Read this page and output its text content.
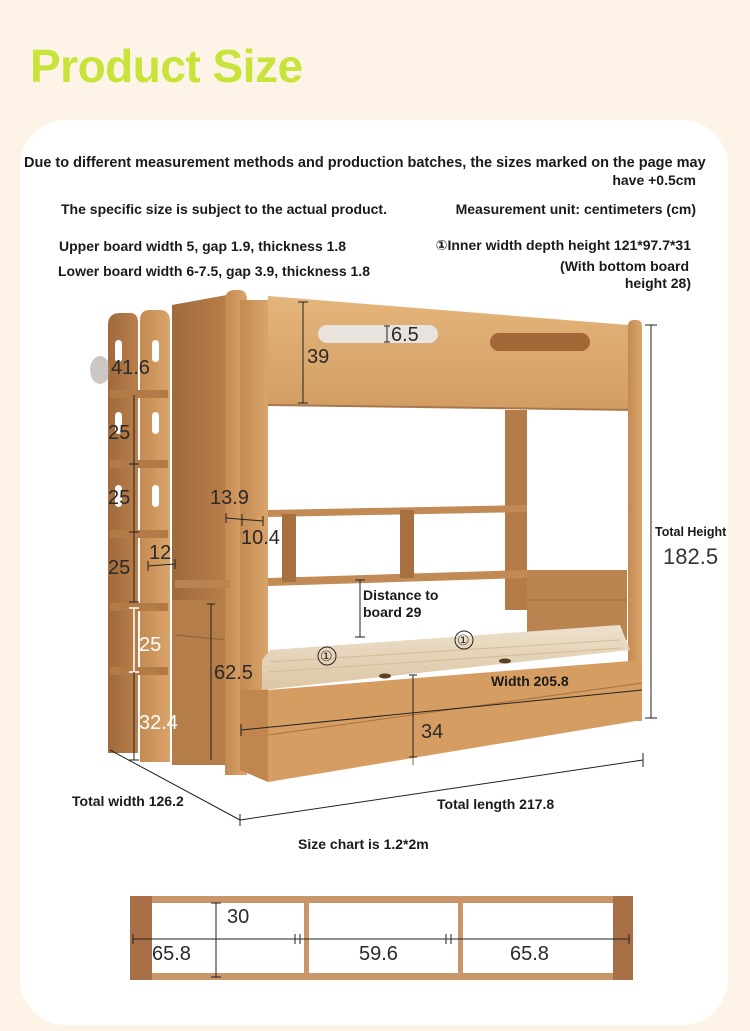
Product Size
Due to different measurement methods and production batches, the sizes marked on the page may
have +0.5cm
The specific size is subject to the actual product.	Measurement unit: centimeters (cm)
Upper board width 5, gap 1.9, thickness 1.8
Lower board width 6-7.5, gap 3.9, thickness 1.8
①Inner width depth height 121*97.7*31
(With bottom board
height 28)
41.6	39
6.5
25
25
25
25
32.4
12
13.9
10.4
62.5
Distance to
board 29
①
①
Width 205.8
34
Total Height
182.5
Total width 126.2	Total length 217.8
Size chart is 1.2*2m
30
65.8	59.6	65.8
